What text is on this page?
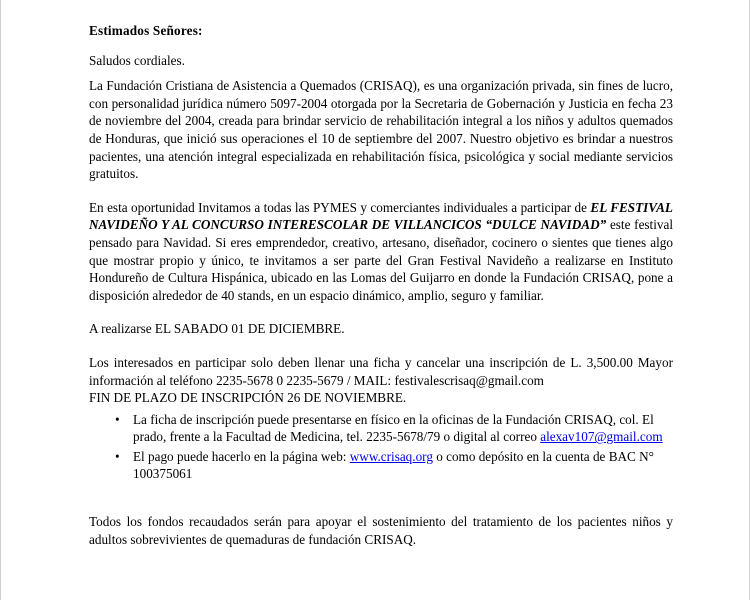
Estimados Señores:

Saludos cordiales.

La Fundación Cristiana de Asistencia a Quemados (CRISAQ), es una organización privada, sin fines de lucro, con personalidad jurídica número 5097-2004 otorgada por la Secretaria de Gobernación y Justicia en fecha 23 de noviembre del 2004, creada para brindar servicio de rehabilitación integral a los niños y adultos quemados de Honduras, que inició sus operaciones el 10 de septiembre del 2007. Nuestro objetivo es brindar a nuestros pacientes, una atención integral especializada en rehabilitación física, psicológica y social mediante servicios gratuitos.

En esta oportunidad Invitamos a todas las PYMES y comerciantes individuales a participar de EL FESTIVAL NAVIDEÑO Y AL CONCURSO INTERESCOLAR DE VILLANCICOS “DULCE NAVIDAD” este festival pensado para Navidad. Si eres emprendedor, creativo, artesano, diseñador, cocinero o sientes que tienes algo que mostrar propio y único, te invitamos a ser parte del Gran Festival Navideño a realizarse en Instituto Hondureño de Cultura Hispánica, ubicado en las Lomas del Guijarro en donde la Fundación CRISAQ, pone a disposición alrededor de 40 stands, en un espacio dinámico, amplio, seguro y familiar.

A realizarse EL SABADO 01 DE DICIEMBRE.

Los interesados en participar solo deben llenar una ficha y cancelar una inscripción de L. 3,500.00 Mayor información al teléfono 2235-5678 0 2235-5679 / MAIL: festivalescrisaq@gmail.com

FIN DE PLAZO DE INSCRIPCIÓN 26 DE NOVIEMBRE.

• La ficha de inscripción puede presentarse en físico en la oficinas de la Fundación CRISAQ, col. El prado, frente a la Facultad de Medicina, tel. 2235-5678/79 o digital al correo alexav107@gmail.com
• El pago puede hacerlo en la página web: www.crisaq.org o como depósito en la cuenta de BAC N° 100375061

Todos los fondos recaudados serán para apoyar el sostenimiento del tratamiento de los pacientes niños y adultos sobrevivientes de quemaduras de fundación CRISAQ.
